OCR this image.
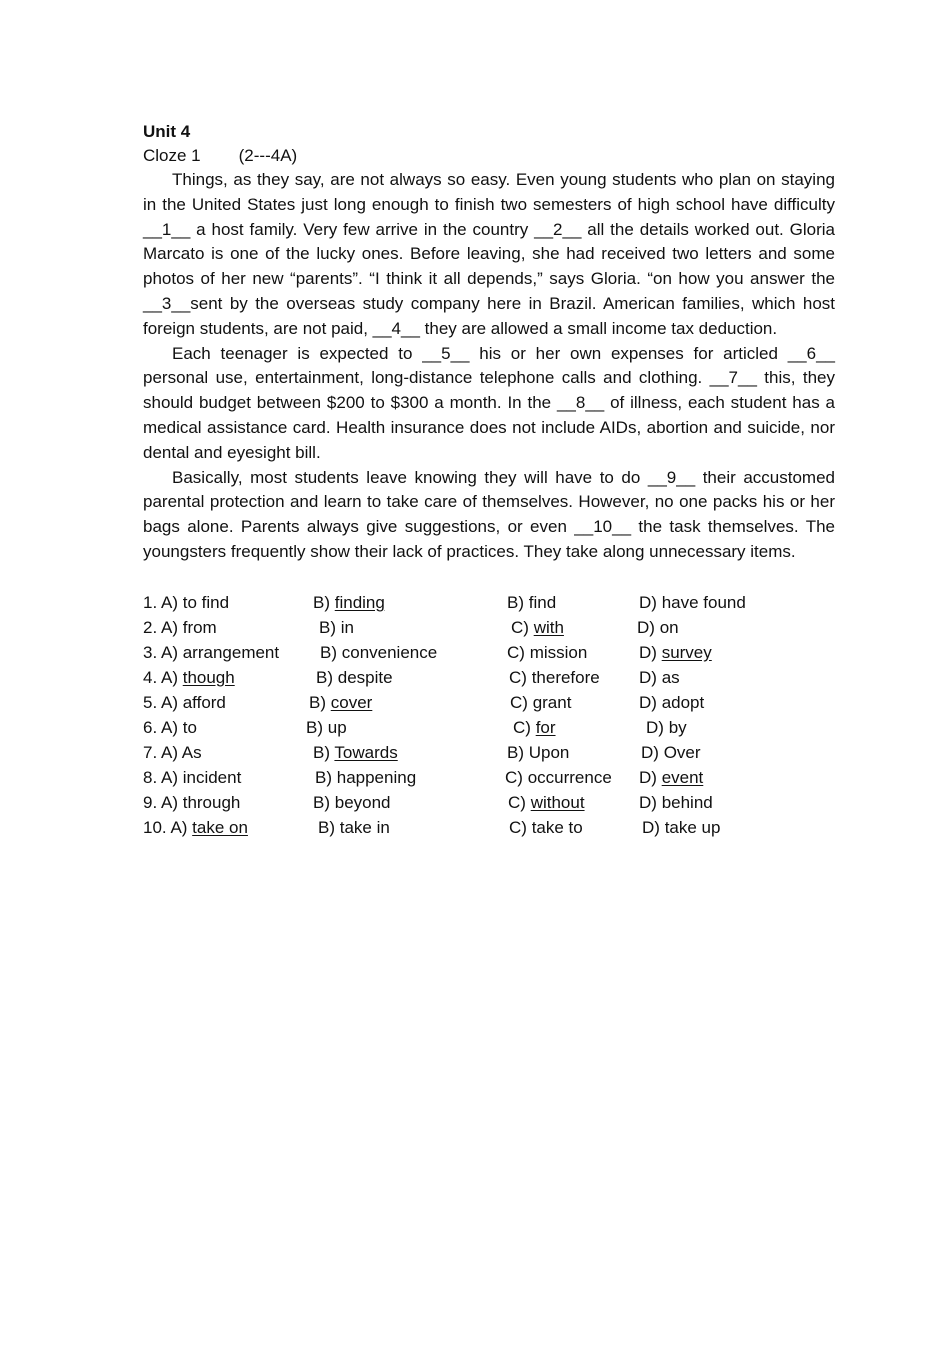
Unit 4
Cloze 1 (2---4A)

Things, as they say, are not always so easy. Even young students who plan on staying in the United States just long enough to finish two semesters of high school have difficulty __1__ a host family. Very few arrive in the country __2__ all the details worked out. Gloria Marcato is one of the lucky ones. Before leaving, she had received two letters and some photos of her new “parents”. “I think it all depends,” says Gloria. “on how you answer the __3__sent by the overseas study company here in Brazil. American families, which host foreign students, are not paid, __4__ they are allowed a small income tax deduction.

Each teenager is expected to __5__ his or her own expenses for articled __6__ personal use, entertainment, long-distance telephone calls and clothing. __7__ this, they should budget between $200 to $300 a month. In the __8__ of illness, each student has a medical assistance card. Health insurance does not include AIDs, abortion and suicide, nor dental and eyesight bill.

Basically, most students leave knowing they will have to do __9__ their accustomed parental protection and learn to take care of themselves. However, no one packs his or her bags alone. Parents always give suggestions, or even __10__ the task themselves. The youngsters frequently show their lack of practices. They take along unnecessary items.

1. A) to find	B) finding	B) find	D) have found
2. A) from	B) in	C) with	D) on
3. A) arrangement B) convenience	C) mission	D) survey
4. A) though	B) despite	C) therefore D) as
5. A) afford	B) cover	C) grant	D) adopt
6. A) to	B) up	C) for	D) by
7. A) As	B) Towards	B) Upon	D) Over
8. A) incident	B) happening	C) occurrence D) event
9. A) through	B) beyond	C) without	D) behind
10. A) take on	B) take in	C) take to	D) take up
